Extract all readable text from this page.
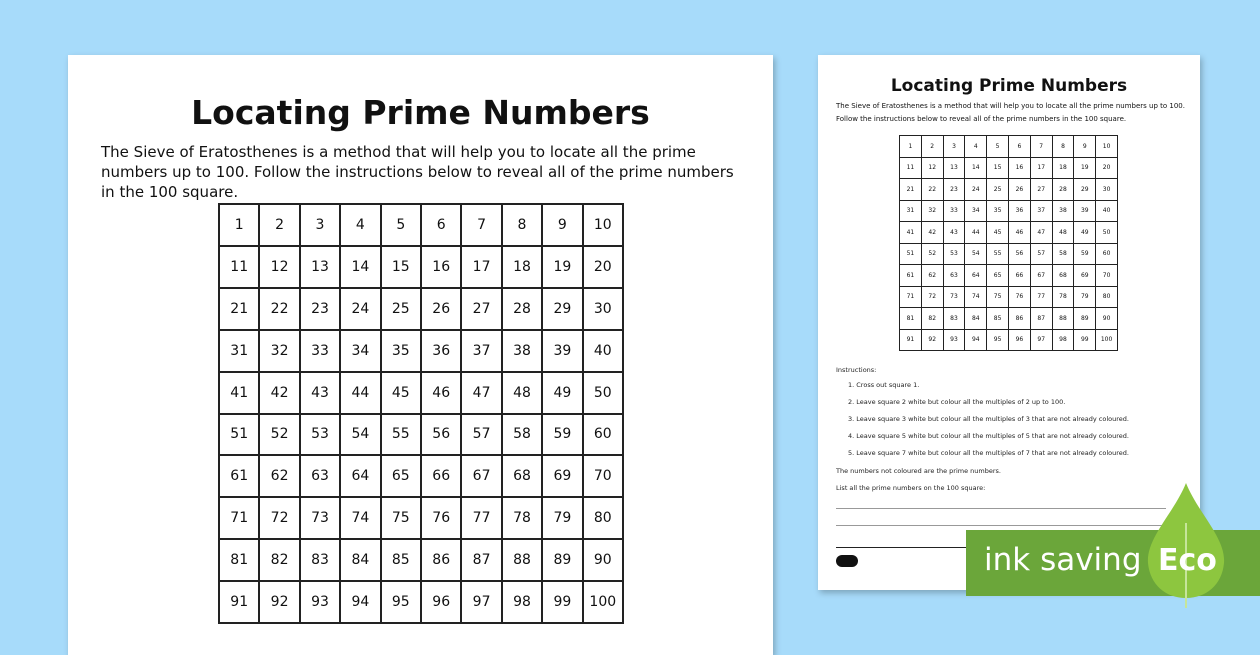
Locating Prime Numbers
The Sieve of Eratosthenes is a method that will help you to locate all the prime numbers up to 100. Follow the instructions below to reveal all of the prime numbers in the 100 square.
1	2	3	4	5	6	7	8	9	10
11	12	13	14	15	16	17	18	19	20
21	22	23	24	25	26	27	28	29	30
31	32	33	34	35	36	37	38	39	40
41	42	43	44	45	46	47	48	49	50
51	52	53	54	55	56	57	58	59	60
61	62	63	64	65	66	67	68	69	70
71	72	73	74	75	76	77	78	79	80
81	82	83	84	85	86	87	88	89	90
91	92	93	94	95	96	97	98	99	100
Locating Prime Numbers
The Sieve of Eratosthenes is a method that will help you to locate all the prime numbers up to 100. Follow the instructions below to reveal all of the prime numbers in the 100 square.
1	2	3	4	5	6	7	8	9	10
11	12	13	14	15	16	17	18	19	20
21	22	23	24	25	26	27	28	29	30
31	32	33	34	35	36	37	38	39	40
41	42	43	44	45	46	47	48	49	50
51	52	53	54	55	56	57	58	59	60
61	62	63	64	65	66	67	68	69	70
71	72	73	74	75	76	77	78	79	80
81	82	83	84	85	86	87	88	89	90
91	92	93	94	95	96	97	98	99	100
Instructions:
1. Cross out square 1.
2. Leave square 2 white but colour all the multiples of 2 up to 100.
3. Leave square 3 white but colour all the multiples of 3 that are not already coloured.
4. Leave square 5 white but colour all the multiples of 5 that are not already coloured.
5. Leave square 7 white but colour all the multiples of 7 that are not already coloured.
The numbers not coloured are the prime numbers.
List all the prime numbers on the 100 square:
ink saving Eco
